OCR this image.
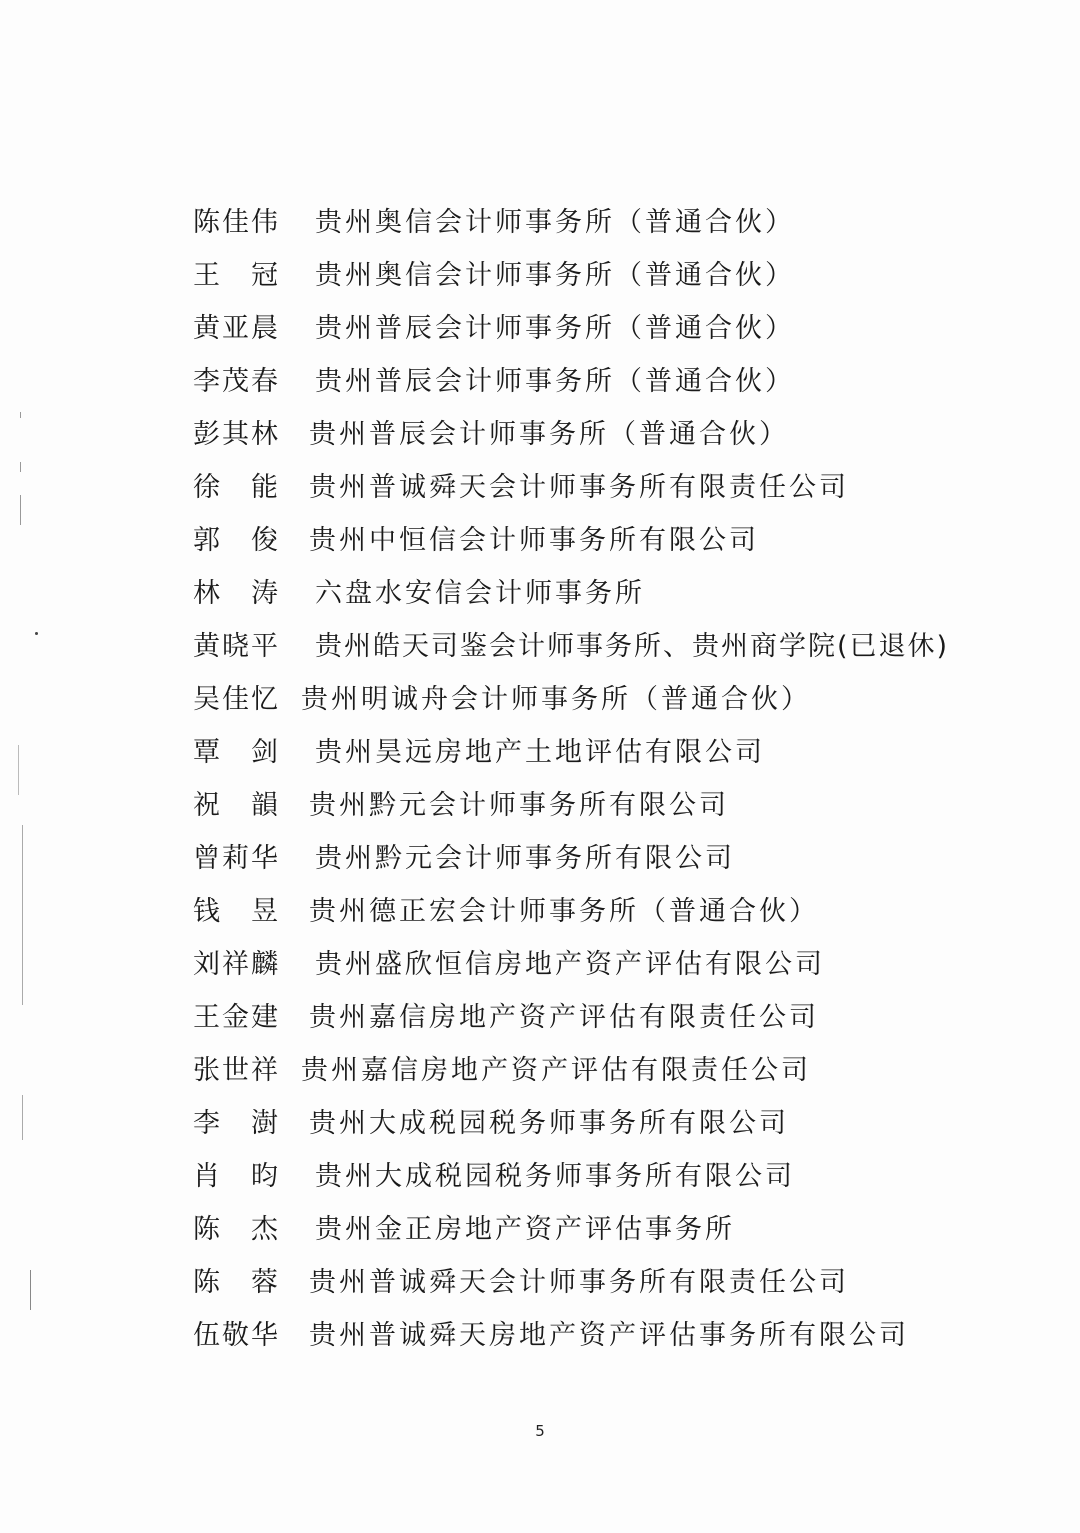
陈佳伟 贵州奥信会计师事务所（普通合伙）
王　冠 贵州奥信会计师事务所（普通合伙）
黄亚晨 贵州普辰会计师事务所（普通合伙）
李茂春 贵州普辰会计师事务所（普通合伙）
彭其林 贵州普辰会计师事务所（普通合伙）
徐　能 贵州普诚舜天会计师事务所有限责任公司
郭　俊 贵州中恒信会计师事务所有限公司
林　涛 六盘水安信会计师事务所
黄晓平 贵州皓天司鉴会计师事务所、贵州商学院(已退休)
吴佳忆 贵州明诚舟会计师事务所（普通合伙）
覃　剑 贵州昊远房地产土地评估有限公司
祝　韻 贵州黔元会计师事务所有限公司
曾莉华 贵州黔元会计师事务所有限公司
钱　昱 贵州德正宏会计师事务所（普通合伙）
刘祥麟 贵州盛欣恒信房地产资产评估有限公司
王金建 贵州嘉信房地产资产评估有限责任公司
张世祥 贵州嘉信房地产资产评估有限责任公司
李　澍 贵州大成税园税务师事务所有限公司
肖　昀 贵州大成税园税务师事务所有限公司
陈　杰 贵州金正房地产资产评估事务所
陈　蓉 贵州普诚舜天会计师事务所有限责任公司
伍敬华 贵州普诚舜天房地产资产评估事务所有限公司
5
